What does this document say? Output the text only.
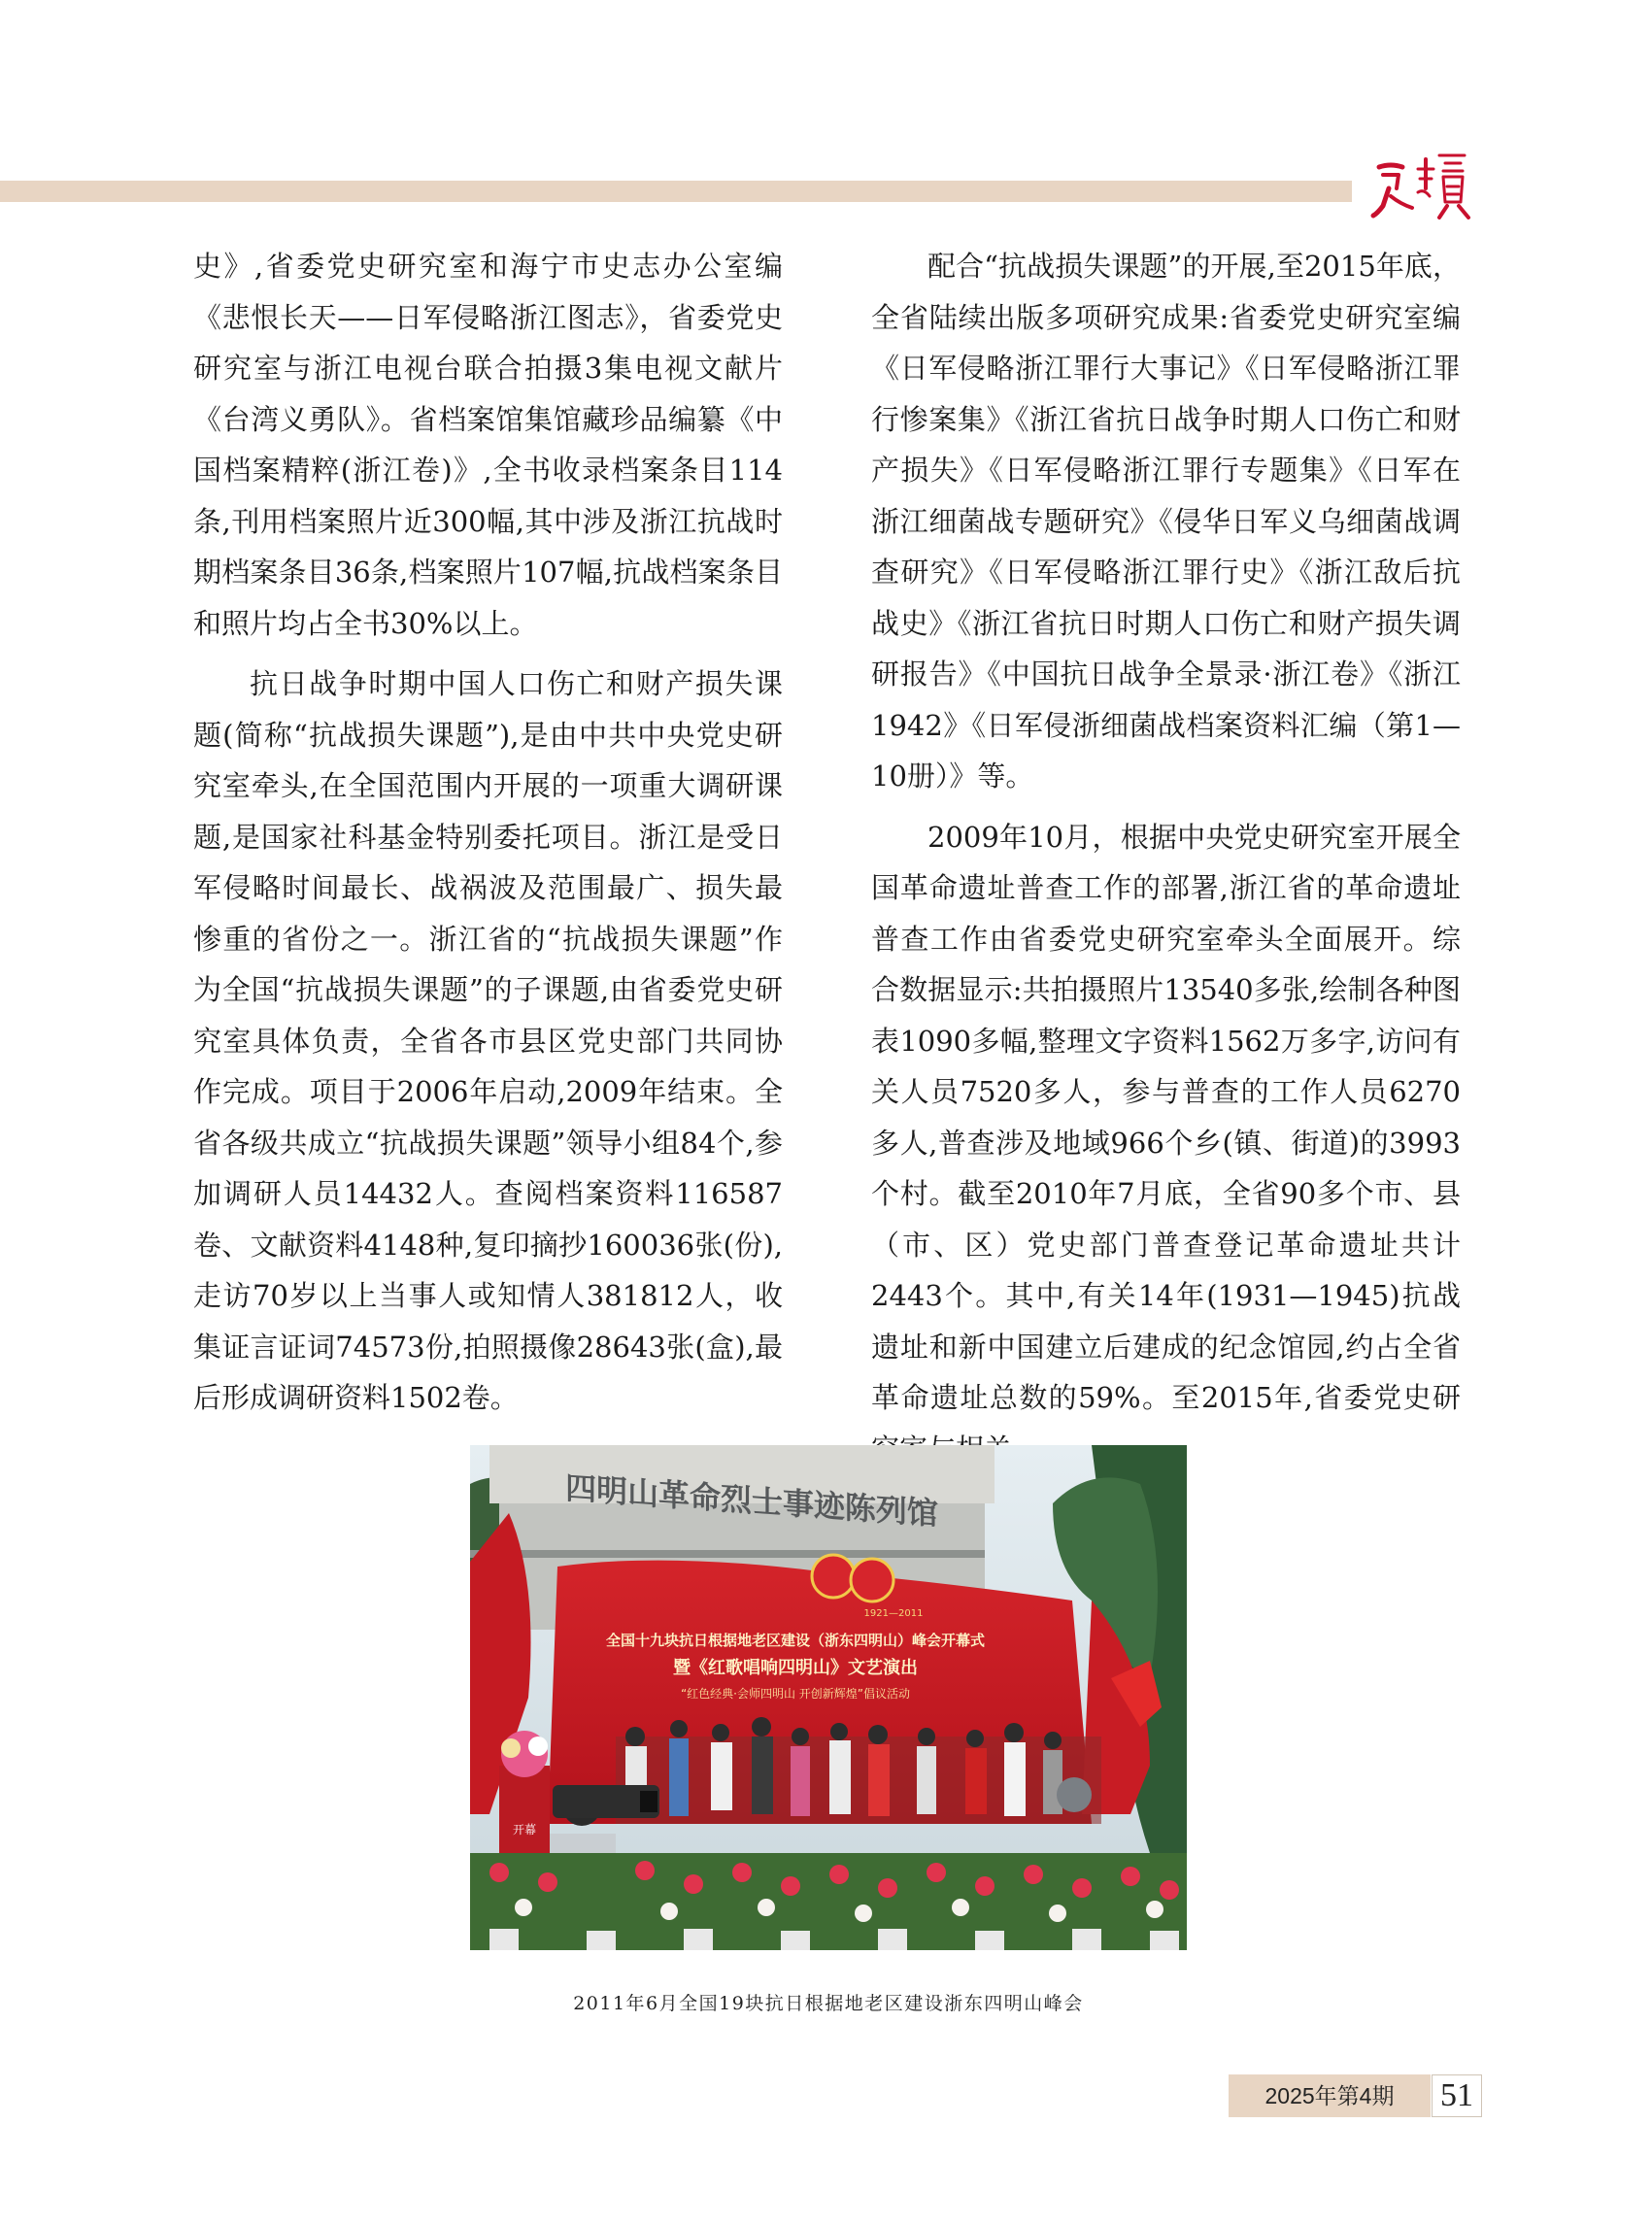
史》,省委党史研究室和海宁市史志办公室编《悲恨长天——日军侵略浙江图志》，省委党史研究室与浙江电视台联合拍摄3集电视文献片《台湾义勇队》。省档案馆集馆藏珍品编纂《中国档案精粹(浙江卷)》,全书收录档案条目114条,刊用档案照片近300幅,其中涉及浙江抗战时期档案条目36条,档案照片107幅,抗战档案条目和照片均占全书30%以上。

抗日战争时期中国人口伤亡和财产损失课题(简称“抗战损失课题”),是由中共中央党史研究室牵头,在全国范围内开展的一项重大调研课题,是国家社科基金特别委托项目。浙江是受日军侵略时间最长、战祸波及范围最广、损失最惨重的省份之一。浙江省的“抗战损失课题”作为全国“抗战损失课题”的子课题,由省委党史研究室具体负责，全省各市县区党史部门共同协作完成。项目于2006年启动,2009年结束。全省各级共成立“抗战损失课题”领导小组84个,参加调研人员14432人。查阅档案资料116587卷、文献资料4148种,复印摘抄160036张(份),走访70岁以上当事人或知情人381812人，收集证言证词74573份,拍照摄像28643张(盒),最后形成调研资料1502卷。

配合“抗战损失课题”的开展,至2015年底，全省陆续出版多项研究成果:省委党史研究室编《日军侵略浙江罪行大事记》《日军侵略浙江罪行惨案集》《浙江省抗日战争时期人口伤亡和财产损失》《日军侵略浙江罪行专题集》《日军在浙江细菌战专题研究》《侵华日军义乌细菌战调查研究》《日军侵略浙江罪行史》《浙江敌后抗战史》《浙江省抗日时期人口伤亡和财产损失调研报告》《中国抗日战争全景录·浙江卷》《浙江1942》《日军侵浙细菌战档案资料汇编（第1—10册）》等。

2009年10月，根据中央党史研究室开展全国革命遗址普查工作的部署,浙江省的革命遗址普查工作由省委党史研究室牵头全面展开。综合数据显示:共拍摄照片13540多张,绘制各种图表1090多幅,整理文字资料1562万多字,访问有关人员7520多人，参与普查的工作人员6270多人,普查涉及地域966个乡(镇、街道)的3993个村。截至2010年7月底，全省90多个市、县（市、区）党史部门普查登记革命遗址共计2443个。其中,有关14年(1931—1945)抗战遗址和新中国建立后建成的纪念馆园,约占全省革命遗址总数的59%。至2015年,省委党史研

四明山革命烈士事迹陈列馆
1921—2011
全国十九块抗日根据地老区建设（浙东四明山）峰会开幕式
暨《红歌唱响四明山》文艺演出
“红色经典·会师四明山 开创新辉煌”倡议活动
开幕
2011年6月全国19块抗日根据地老区建设浙东四明山峰会
2025年第4期	51
